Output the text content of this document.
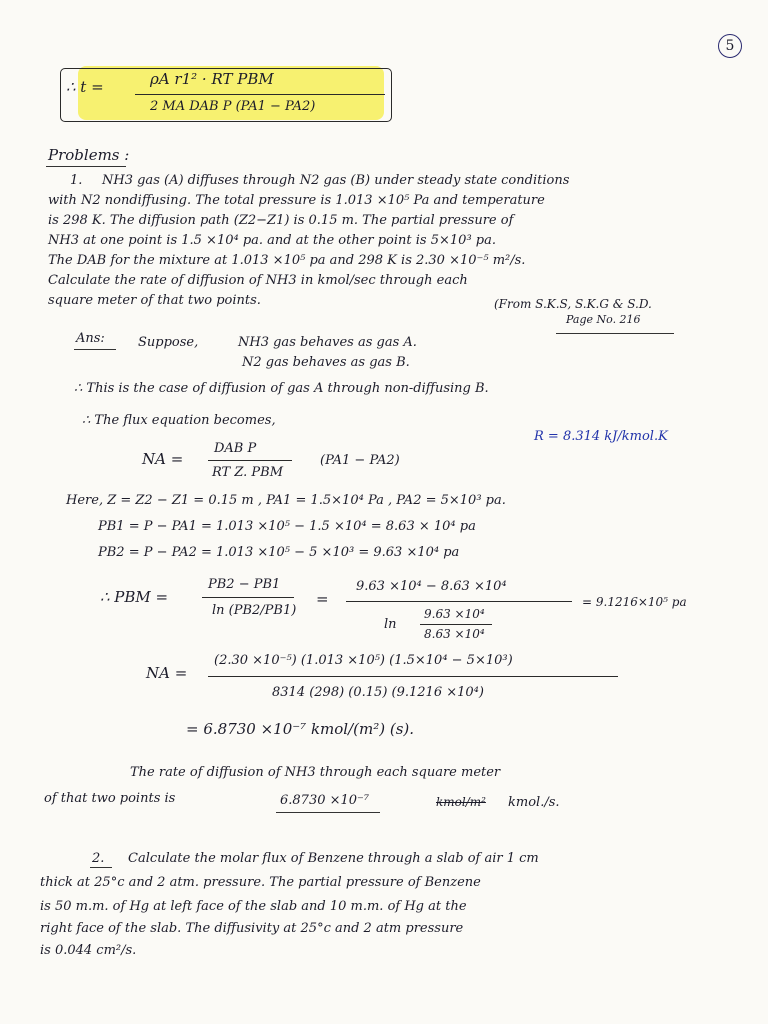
5
∴ t =	ρA r1² · RT PBM
2 MA DAB P (PA1 − PA2)
Problems :
1. NH3 gas (A) diffuses through N2 gas (B) under steady state conditions
with N2 nondiffusing. The total pressure is 1.013 ×10⁵ Pa and temperature
is 298 K. The diffusion path (Z2−Z1) is 0.15 m. The partial pressure of
NH3 at one point is 1.5 ×10⁴ pa. and at the other point is 5×10³ pa.
The DAB for the mixture at 1.013 ×10⁵ pa and 298 K is 2.30 ×10⁻⁵ m²/s.
Calculate the rate of diffusion of NH3 in kmol/sec through each
square meter of that two points.	(From S.K.S, S.K.G & S.D.
Page No. 216
Ans:	Suppose,	NH3 gas behaves as gas A.
N2 gas behaves as gas B.
∴ This is the case of diffusion of gas A through non-diffusing B.
∴ The flux equation becomes,
R = 8.314 kJ/kmol.K
NA =
DAB P
RT Z. PBM
(PA1 − PA2)
Here, Z = Z2 − Z1 = 0.15 m , PA1 = 1.5×10⁴ Pa , PA2 = 5×10³ pa.
PB1 = P − PA1 = 1.013 ×10⁵ − 1.5 ×10⁴ = 8.63 × 10⁴ pa
PB2 = P − PA2 = 1.013 ×10⁵ − 5 ×10³ = 9.63 ×10⁴ pa
∴ PBM =
PB2 − PB1
ln (PB2/PB1)
=
9.63 ×10⁴ − 8.63 ×10⁴
ln
9.63 ×10⁴
8.63 ×10⁴
= 9.1216×10⁵ pa
NA =
(2.30 ×10⁻⁵) (1.013 ×10⁵) (1.5×10⁴ − 5×10³)
8314 (298) (0.15) (9.1216 ×10⁴)
= 6.8730 ×10⁻⁷ kmol/(m²) (s).
The rate of diffusion of NH3 through each square meter
of that two points is	6.8730 ×10⁻⁷	kmol/m² kmol./s.
2. Calculate the molar flux of Benzene through a slab of air 1 cm
thick at 25°c and 2 atm. pressure. The partial pressure of Benzene
is 50 m.m. of Hg at left face of the slab and 10 m.m. of Hg at the
right face of the slab. The diffusivity at 25°c and 2 atm pressure
is 0.044 cm²/s.
